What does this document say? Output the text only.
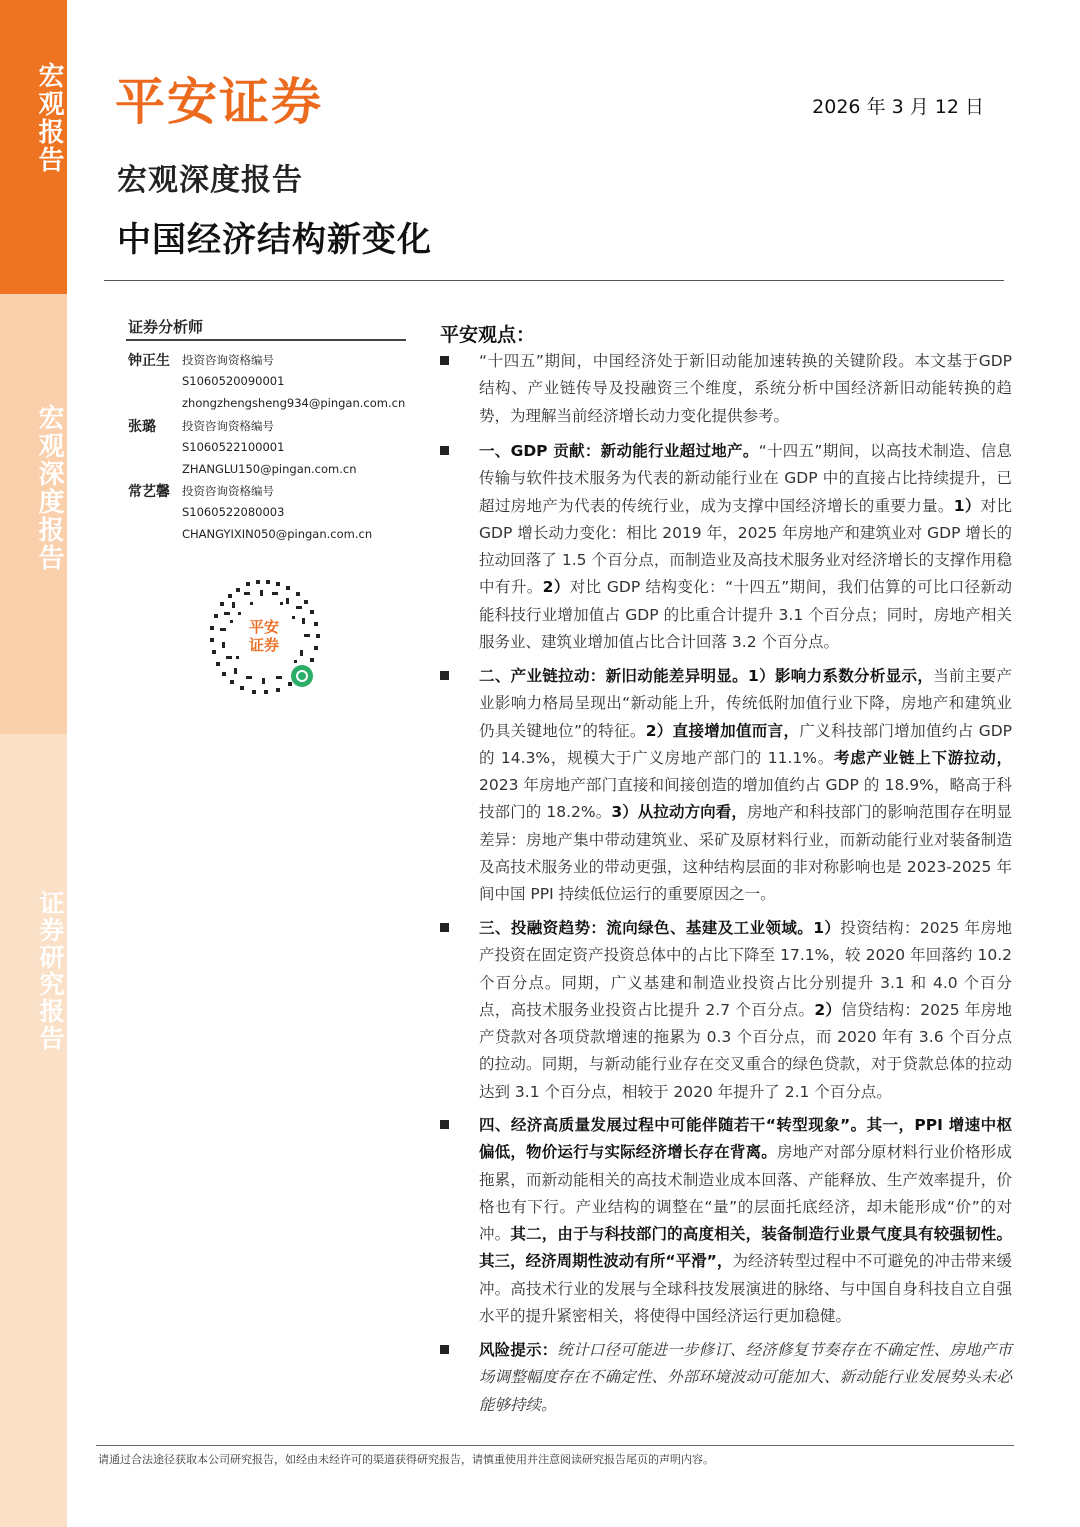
宏观报告
宏观深度报告
证券研究报告
平安证券	2026 年 3 月 12 日
宏观深度报告
中国经济结构新变化
证券分析师
钟正生 投资咨询资格编号
S1060520090001
zhongzhengsheng934@pingan.com.cn
张璐 投资咨询资格编号
S1060522100001
ZHANGLU150@pingan.com.cn
常艺馨 投资咨询资格编号
S1060522080003
CHANGYIXIN050@pingan.com.cn
平安
证券
平安观点：
“十四五”期间，中国经济处于新旧动能加速转换的关键阶段。本文基于GDP 结构、产业链传导及投融资三个维度，系统分析中国经济新旧动能转换的趋势，为理解当前经济增长动力变化提供参考。
一、GDP 贡献：新动能行业超过地产。“十四五”期间，以高技术制造、信息传输与软件技术服务为代表的新动能行业在 GDP 中的直接占比持续提升，已超过房地产为代表的传统行业，成为支撑中国经济增长的重要力量。1）对比 GDP 增长动力变化：相比 2019 年，2025 年房地产和建筑业对 GDP 增长的拉动回落了 1.5 个百分点，而制造业及高技术服务业对经济增长的支撑作用稳中有升。2）对比 GDP 结构变化：“十四五”期间，我们估算的可比口径新动能科技行业增加值占 GDP 的比重合计提升 3.1 个百分点；同时，房地产相关服务业、建筑业增加值占比合计回落 3.2 个百分点。
二、产业链拉动：新旧动能差异明显。1）影响力系数分析显示，当前主要产业影响力格局呈现出“新动能上升，传统低附加值行业下降，房地产和建筑业仍具关键地位”的特征。2）直接增加值而言，广义科技部门增加值约占 GDP 的 14.3%，规模大于广义房地产部门的 11.1%。考虑产业链上下游拉动，2023 年房地产部门直接和间接创造的增加值约占 GDP 的 18.9%，略高于科技部门的 18.2%。3）从拉动方向看，房地产和科技部门的影响范围存在明显差异：房地产集中带动建筑业、采矿及原材料行业，而新动能行业对装备制造及高技术服务业的带动更强，这种结构层面的非对称影响也是 2023-2025 年间中国 PPI 持续低位运行的重要原因之一。
三、投融资趋势：流向绿色、基建及工业领域。1）投资结构：2025 年房地产投资在固定资产投资总体中的占比下降至 17.1%，较 2020 年回落约 10.2 个百分点。同期，广义基建和制造业投资占比分别提升 3.1 和 4.0 个百分点，高技术服务业投资占比提升 2.7 个百分点。2）信贷结构：2025 年房地产贷款对各项贷款增速的拖累为 0.3 个百分点，而 2020 年有 3.6 个百分点的拉动。同期，与新动能行业存在交叉重合的绿色贷款，对于贷款总体的拉动达到 3.1 个百分点，相较于 2020 年提升了 2.1 个百分点。
四、经济高质量发展过程中可能伴随若干“转型现象”。其一，PPI 增速中枢偏低，物价运行与实际经济增长存在背离。房地产对部分原材料行业价格形成拖累，而新动能相关的高技术制造业成本回落、产能释放、生产效率提升，价格也有下行。产业结构的调整在“量”的层面托底经济，却未能形成“价”的对冲。其二，由于与科技部门的高度相关，装备制造行业景气度具有较强韧性。其三，经济周期性波动有所“平滑”，为经济转型过程中不可避免的冲击带来缓冲。高技术行业的发展与全球科技发展演进的脉络、与中国自身科技自立自强水平的提升紧密相关，将使得中国经济运行更加稳健。
风险提示：统计口径可能进一步修订、经济修复节奏存在不确定性、房地产市场调整幅度存在不确定性、外部环境波动可能加大、新动能行业发展势头未必能够持续。
请通过合法途径获取本公司研究报告，如经由未经许可的渠道获得研究报告，请慎重使用并注意阅读研究报告尾页的声明内容。
